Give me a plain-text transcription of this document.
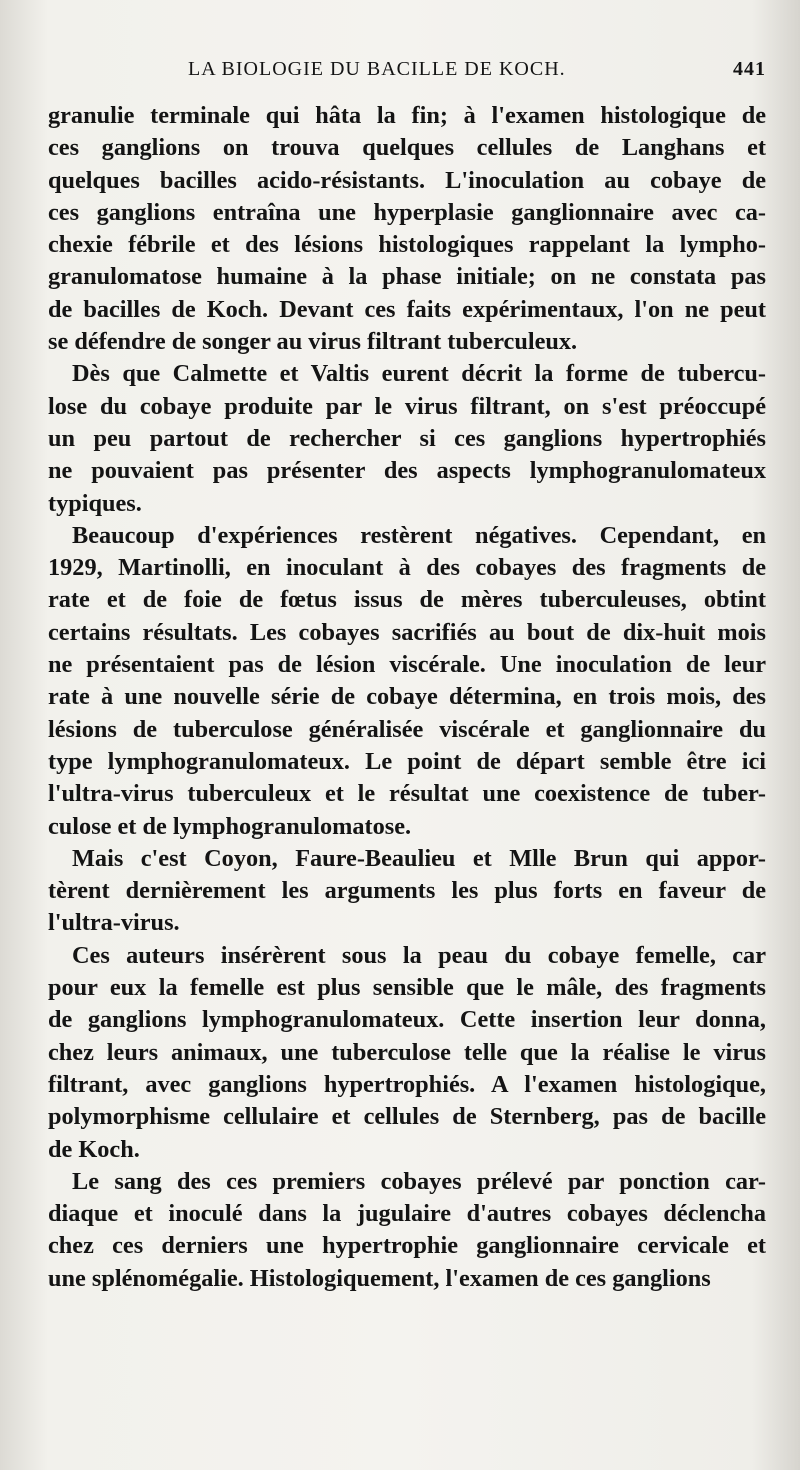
LA BIOLOGIE DU BACILLE DE KOCH.	441

granulie terminale qui hâta la fin; à l'examen histologique de
ces ganglions on trouva quelques cellules de Langhans et
quelques bacilles acido-résistants. L'inoculation au cobaye de
ces ganglions entraîna une hyperplasie ganglionnaire avec ca-
chexie fébrile et des lésions histologiques rappelant la lympho-
granulomatose humaine à la phase initiale; on ne constata pas
de bacilles de Koch. Devant ces faits expérimentaux, l'on ne peut
se défendre de songer au virus filtrant tuberculeux.

Dès que Calmette et Valtis eurent décrit la forme de tubercu-
lose du cobaye produite par le virus filtrant, on s'est préoccupé
un peu partout de rechercher si ces ganglions hypertrophiés
ne pouvaient pas présenter des aspects lymphogranulomateux
typiques.

Beaucoup d'expériences restèrent négatives. Cependant, en
1929, Martinolli, en inoculant à des cobayes des fragments de
rate et de foie de fœtus issus de mères tuberculeuses, obtint
certains résultats. Les cobayes sacrifiés au bout de dix-huit mois
ne présentaient pas de lésion viscérale. Une inoculation de leur
rate à une nouvelle série de cobaye détermina, en trois mois, des
lésions de tuberculose généralisée viscérale et ganglionnaire du
type lymphogranulomateux. Le point de départ semble être ici
l'ultra-virus tuberculeux et le résultat une coexistence de tuber-
culose et de lymphogranulomatose.

Mais c'est Coyon, Faure-Beaulieu et Mlle Brun qui appor-
tèrent dernièrement les arguments les plus forts en faveur de
l'ultra-virus.

Ces auteurs insérèrent sous la peau du cobaye femelle, car
pour eux la femelle est plus sensible que le mâle, des fragments
de ganglions lymphogranulomateux. Cette insertion leur donna,
chez leurs animaux, une tuberculose telle que la réalise le virus
filtrant, avec ganglions hypertrophiés. A l'examen histologique,
polymorphisme cellulaire et cellules de Sternberg, pas de bacille
de Koch.

Le sang des ces premiers cobayes prélevé par ponction car-
diaque et inoculé dans la jugulaire d'autres cobayes déclencha
chez ces derniers une hypertrophie ganglionnaire cervicale et
une splénomégalie. Histologiquement, l'examen de ces ganglions
